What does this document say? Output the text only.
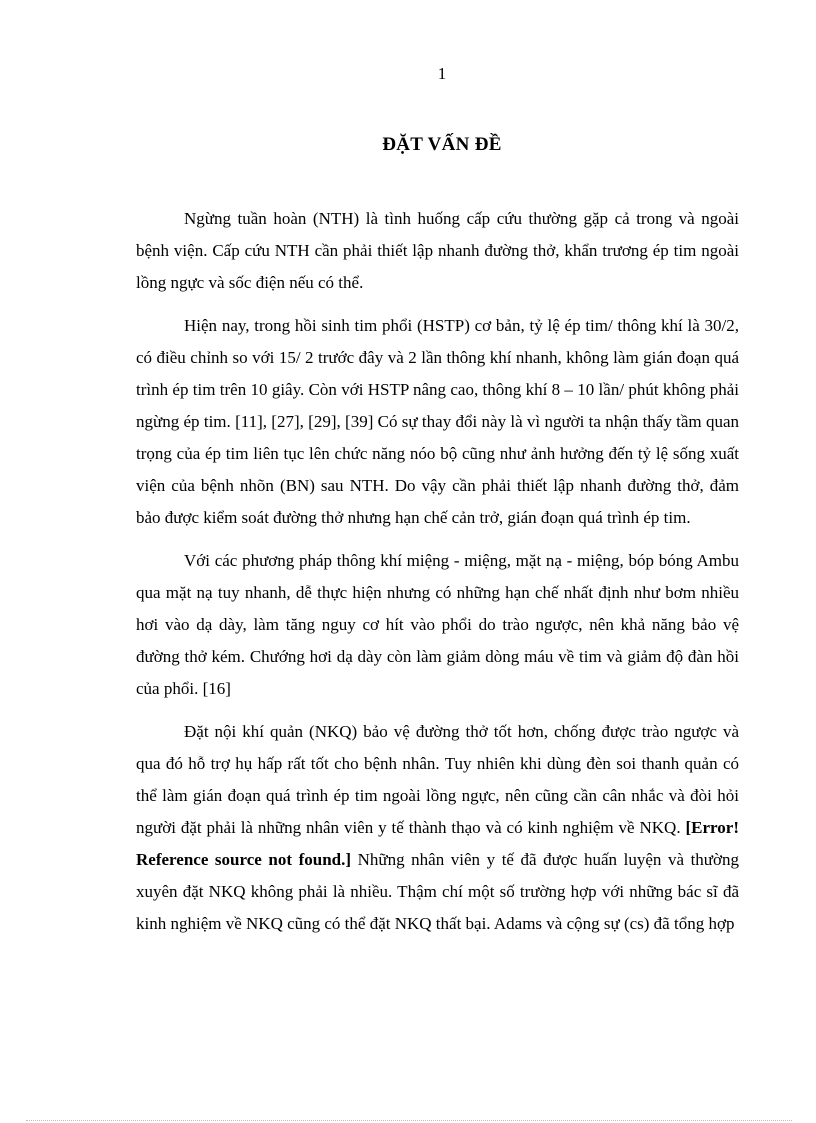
1
ĐẶT VẤN ĐỀ

Ngừng tuần hoàn (NTH) là tình huống cấp cứu thường gặp cả trong và ngoài bệnh viện. Cấp cứu NTH cần phải thiết lập nhanh đường thở, khẩn trương ép tim ngoài lồng ngực và sốc điện nếu có thể.

Hiện nay, trong hồi sinh tim phổi (HSTP) cơ bản, tỷ lệ ép tim/ thông khí là 30/2, có điều chỉnh so với 15/ 2 trước đây và 2 lần thông khí nhanh, không làm gián đoạn quá trình ép tim trên 10 giây. Còn với HSTP nâng cao, thông khí 8 – 10 lần/ phút không phải ngừng ép tim. [11], [27], [29], [39] Có sự thay đổi này là vì người ta nhận thấy tầm quan trọng của ép tim liên tục lên chức năng nóo bộ cũng như ảnh hưởng đến tỷ lệ sống xuất viện của bệnh nhõn (BN) sau NTH. Do vậy cần phải thiết lập nhanh đường thở, đảm bảo được kiểm soát đường thở nhưng hạn chế cản trở, gián đoạn quá trình ép tim.

Với các phương pháp thông khí miệng - miệng, mặt nạ - miệng, bóp bóng Ambu qua mặt nạ tuy nhanh, dễ thực hiện nhưng có những hạn chế nhất định như bơm nhiều hơi vào dạ dày, làm tăng nguy cơ hít vào phổi do trào ngược, nên khả năng bảo vệ đường thở kém. Chướng hơi dạ dày còn làm giảm dòng máu về tim và giảm độ đàn hồi của phổi. [16]

Đặt nội khí quản (NKQ) bảo vệ đường thở tốt hơn, chống được trào ngược và qua đó hỗ trợ hụ hấp rất tốt cho bệnh nhân. Tuy nhiên khi dùng đèn soi thanh quản có thể làm gián đoạn quá trình ép tim ngoài lồng ngực, nên cũng cần cân nhắc và đòi hỏi người đặt phải là những nhân viên y tế thành thạo và có kinh nghiệm về NKQ. [Error! Reference source not found.] Những nhân viên y tế đã được huấn luyện và thường xuyên đặt NKQ không phải là nhiều. Thậm chí một số trường hợp với những bác sĩ đã kinh nghiệm về NKQ cũng có thể đặt NKQ thất bại. Adams và cộng sự (cs) đã tổng hợp
